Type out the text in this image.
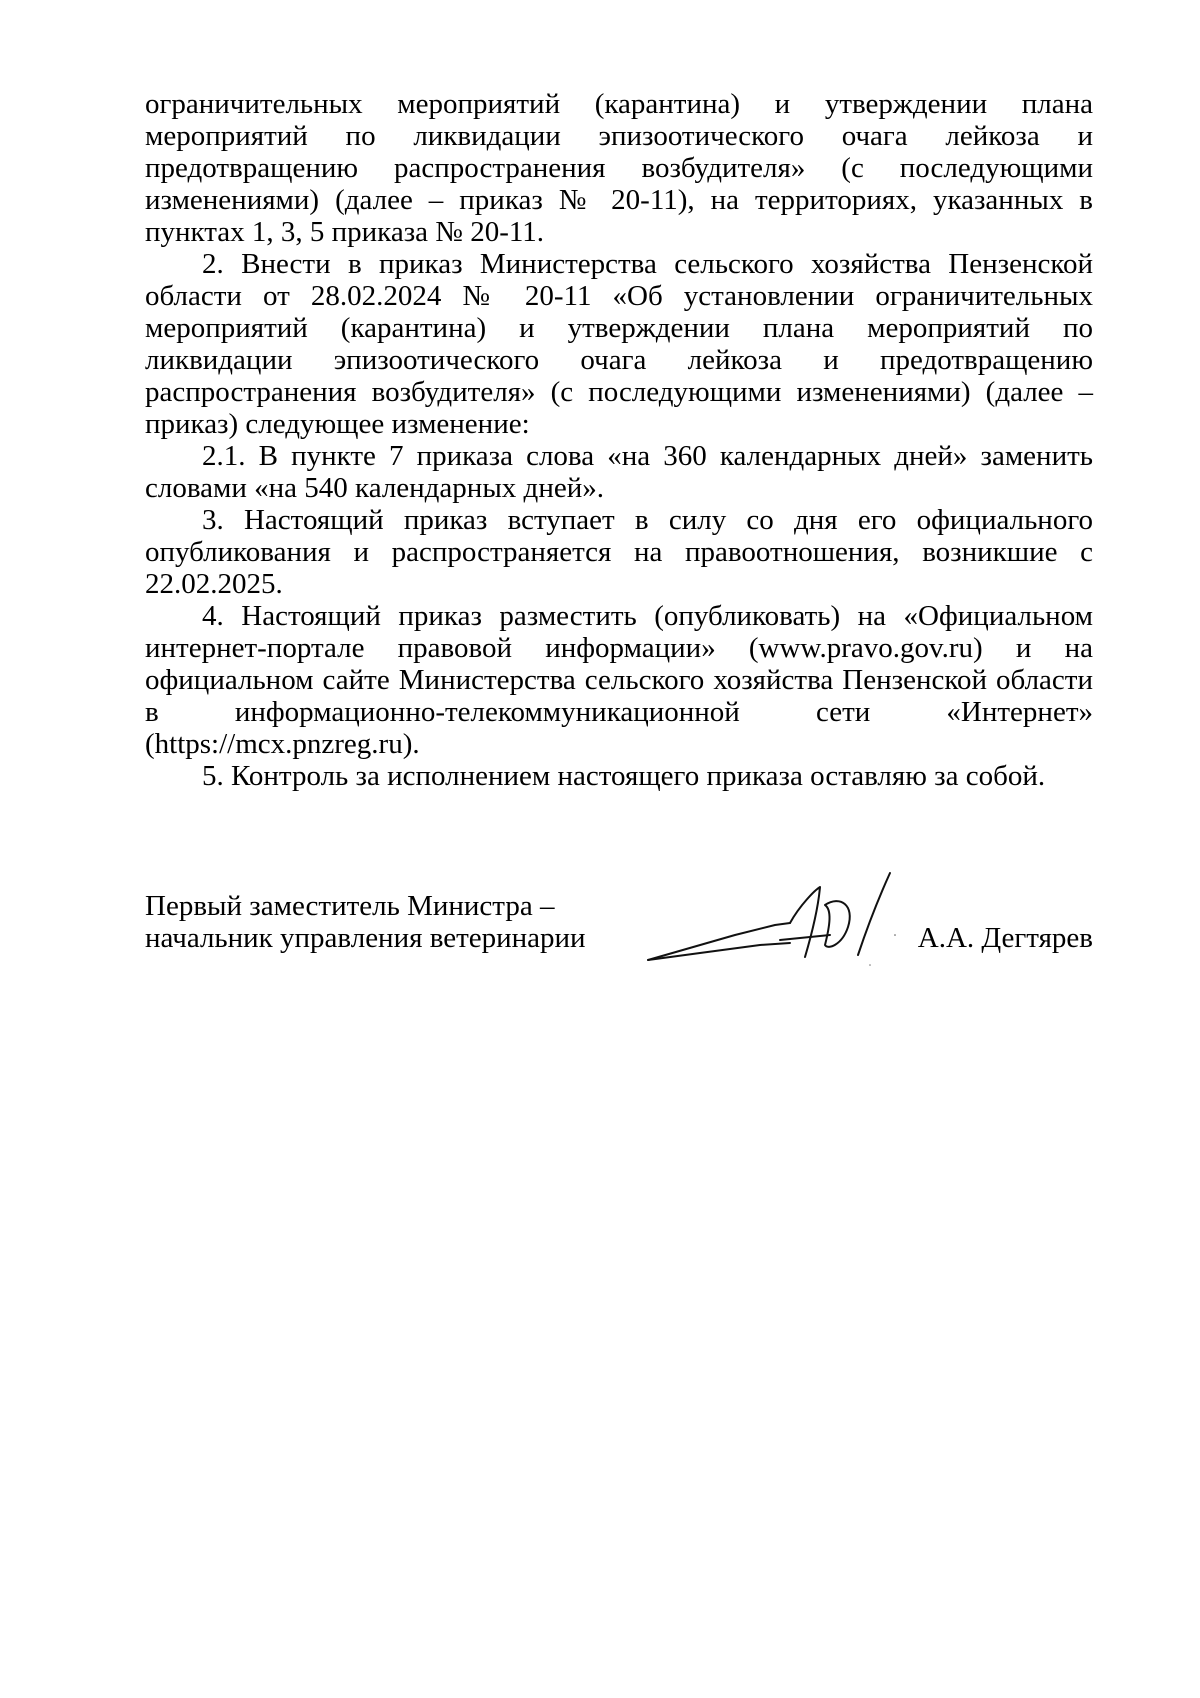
ограничительных мероприятий (карантина) и утверждении плана мероприятий по ликвидации эпизоотического очага лейкоза и предотвращению распространения возбудителя» (с последующими изменениями) (далее – приказ № 20-11), на территориях, указанных в пунктах 1, 3, 5 приказа № 20-11.

2. Внести в приказ Министерства сельского хозяйства Пензенской области от 28.02.2024 № 20-11 «Об установлении ограничительных мероприятий (карантина) и утверждении плана мероприятий по ликвидации эпизоотического очага лейкоза и предотвращению распространения возбудителя» (с последующими изменениями) (далее – приказ) следующее изменение:

2.1. В пункте 7 приказа слова «на 360 календарных дней» заменить словами «на 540 календарных дней».

3. Настоящий приказ вступает в силу со дня его официального опубликования и распространяется на правоотношения, возникшие с 22.02.2025.

4. Настоящий приказ разместить (опубликовать) на «Официальном интернет-портале правовой информации» (www.pravo.gov.ru) и на официальном сайте Министерства сельского хозяйства Пензенской области в информационно-телекоммуникационной сети «Интернет» (https://mcx.pnzreg.ru).

5. Контроль за исполнением настоящего приказа оставляю за собой.

Первый заместитель Министра –
начальник управления ветеринарии	А.А. Дегтярев
